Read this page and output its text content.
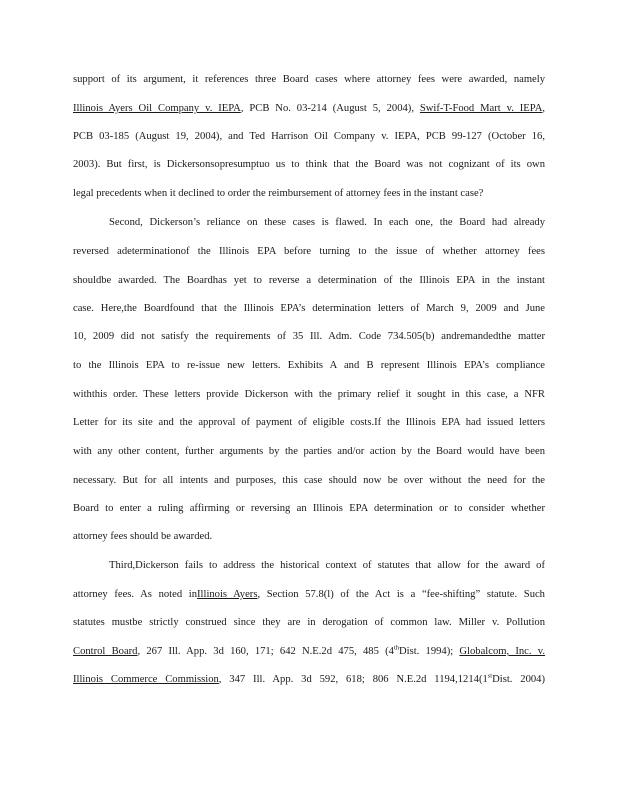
support of its argument, it references three Board cases where attorney fees were awarded, namely
Illinois Ayers Oil Company v. IEPA, PCB No. 03-214 (August 5, 2004), Swif-T-Food Mart v. IEPA,
PCB 03-185 (August 19, 2004), and Ted Harrison Oil Company v. IEPA, PCB 99-127 (October 16,
2003). But first, is Dickersonsopresumptuo us to think that the Board was not cognizant of its own
legal precedents when it declined to order the reimbursement of attorney fees in the instant case?
Second, Dickerson’s reliance on these cases is flawed. In each one, the Board had already
reversed adeterminationof the Illinois EPA before turning to the issue of whether attorney fees
shouldbe awarded. The Boardhas yet to reverse a determination of the Illinois EPA in the instant
case. Here,the Boardfound that the Illinois EPA’s determination letters of March 9, 2009 and June
10, 2009 did not satisfy the requirements of 35 Ill. Adm. Code 734.505(b) andremandedthe matter
to the Illinois EPA to re-issue new letters. Exhibits A and B represent Illinois EPA’s compliance
withthis order. These letters provide Dickerson with the primary relief it sought in this case, a NFR
Letter for its site and the approval of payment of eligible costs.If the Illinois EPA had issued letters
with any other content, further arguments by the parties and/or action by the Board would have been
necessary. But for all intents and purposes, this case should now be over without the need for the
Board to enter a ruling affirming or reversing an Illinois EPA determination or to consider whether
attorney fees should be awarded.
Third,Dickerson fails to address the historical context of statutes that allow for the award of
attorney fees. As noted inIllinois Ayers, Section 57.8(l) of the Act is a “fee-shifting” statute. Such
statutes mustbe strictly construed since they are in derogation of common law. Miller v. Pollution
Control Board, 267 Ill. App. 3d 160, 171; 642 N.E.2d 475, 485 (4thDist. 1994); Globalcom, Inc. v.
Illinois Commerce Commission, 347 Ill. App. 3d 592, 618; 806 N.E.2d 1194,1214(1stDist. 2004)
